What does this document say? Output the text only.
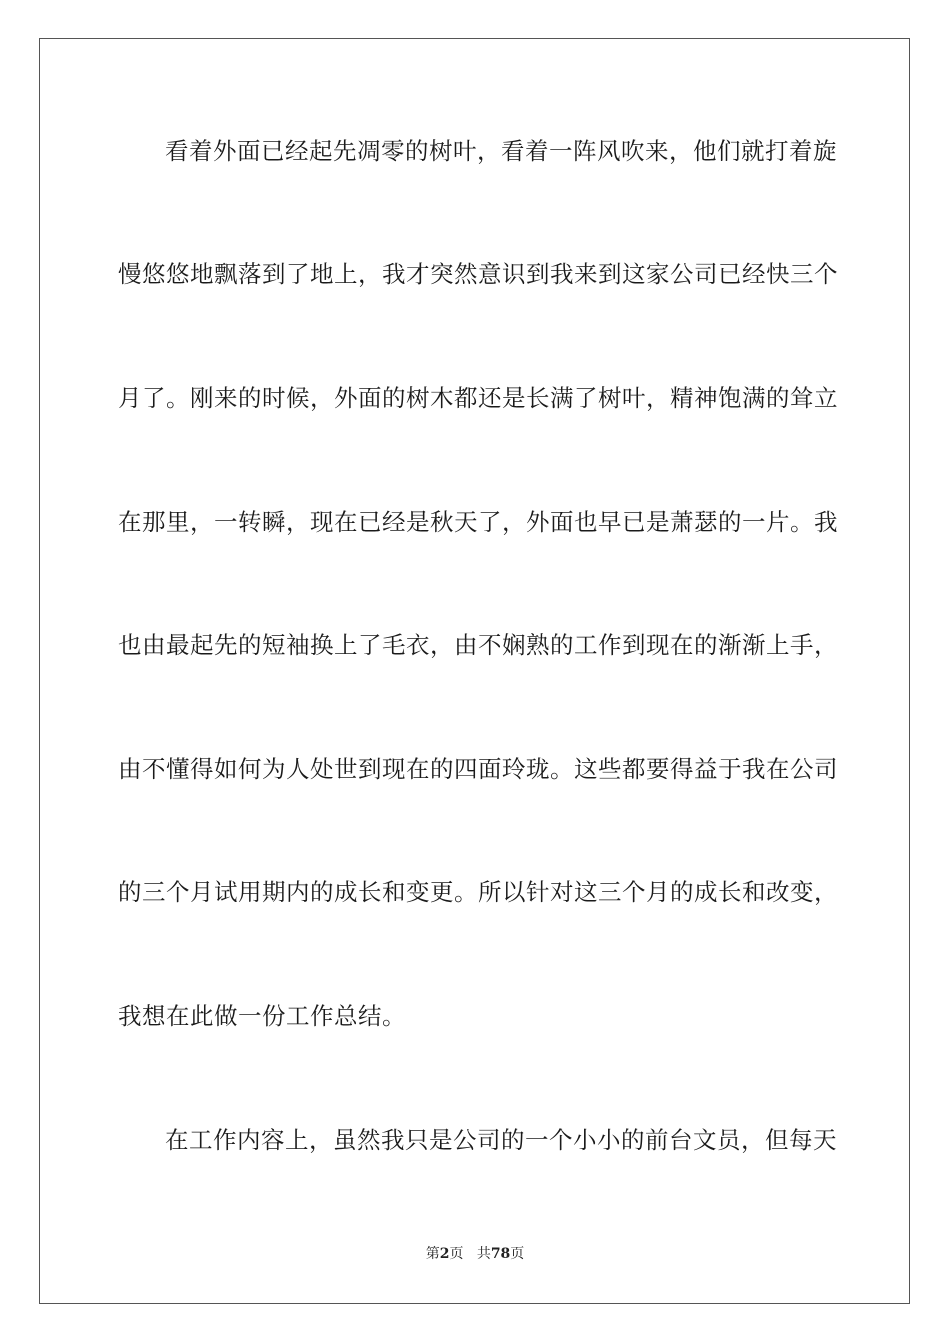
看着外面已经起先凋零的树叶，看着一阵风吹来，他们就打着旋
慢悠悠地飘落到了地上，我才突然意识到我来到这家公司已经快三个
月了。刚来的时候，外面的树木都还是长满了树叶，精神饱满的耸立
在那里，一转瞬，现在已经是秋天了，外面也早已是萧瑟的一片。我
也由最起先的短袖换上了毛衣，由不娴熟的工作到现在的渐渐上手，
由不懂得如何为人处世到现在的四面玲珑。这些都要得益于我在公司
的三个月试用期内的成长和变更。所以针对这三个月的成长和改变，
我想在此做一份工作总结。
在工作内容上，虽然我只是公司的一个小小的前台文员，但每天
第2页 共78页
